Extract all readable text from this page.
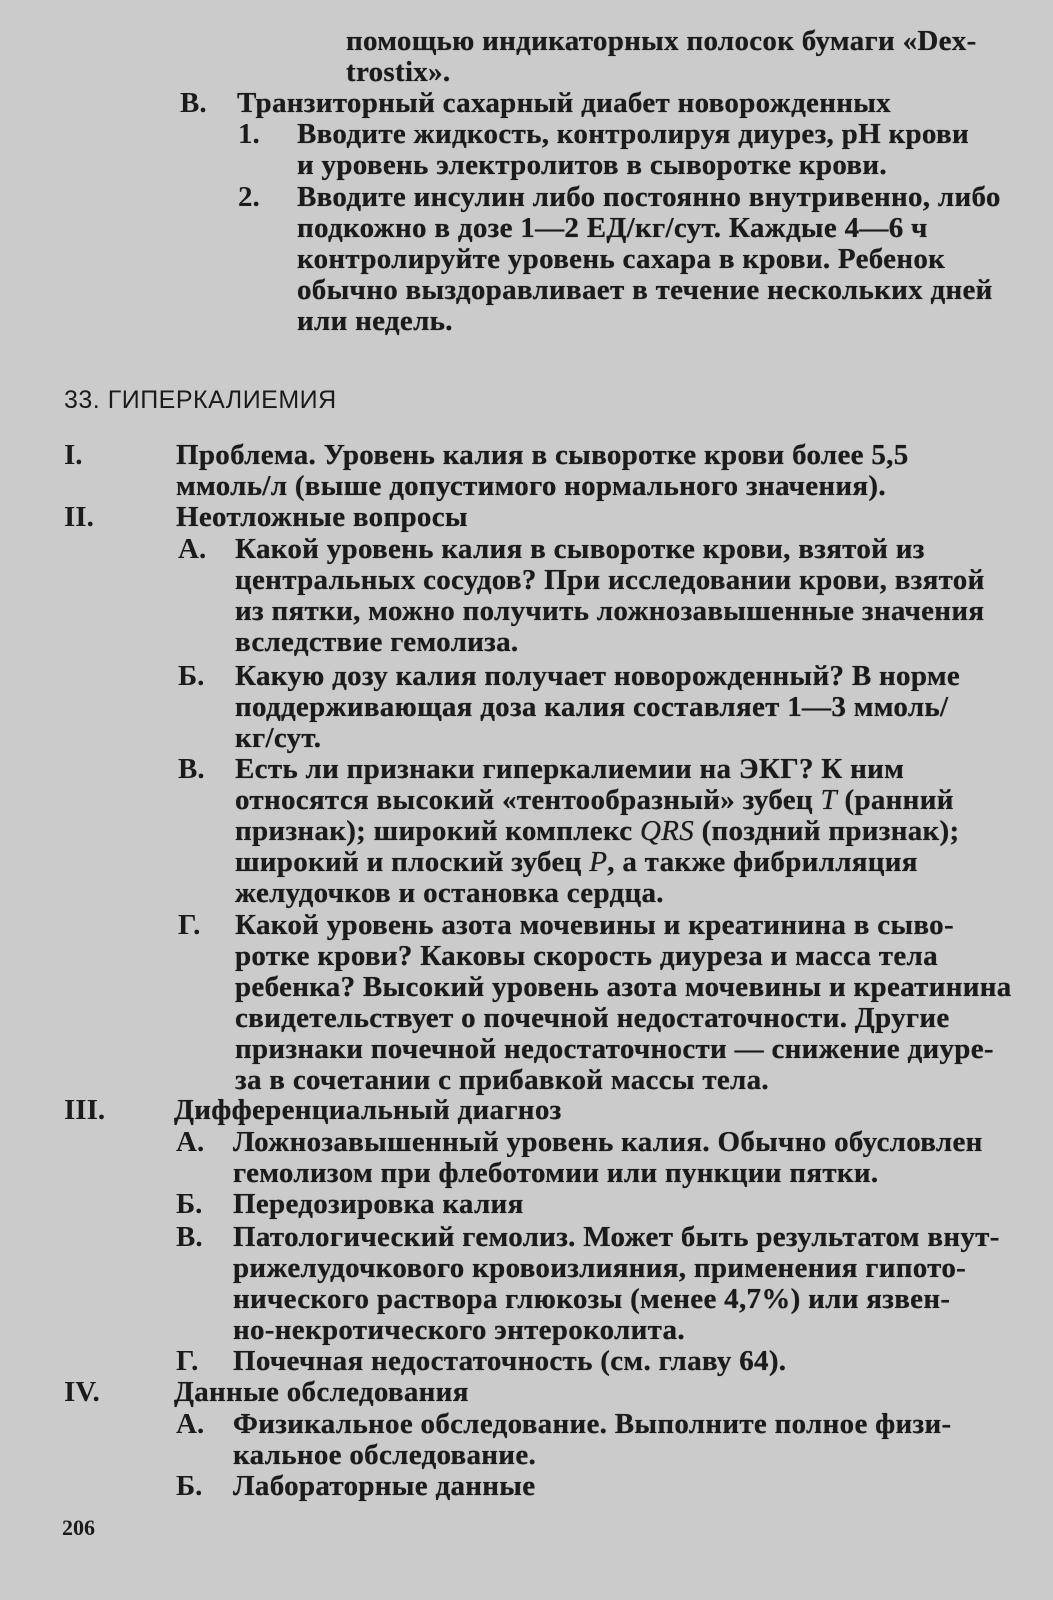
помощью индикаторных полосок бумаги «Dex-
trostix».
В. Транзиторный сахарный диабет новорожденных
1. Вводите жидкость, контролируя диурез, рН крови
и уровень электролитов в сыворотке крови.
2. Вводите инсулин либо постоянно внутривенно, либо
подкожно в дозе 1—2 ЕД/кг/сут. Каждые 4—6 ч
контролируйте уровень сахара в крови. Ребенок
обычно выздоравливает в течение нескольких дней
или недель.
33. ГИПЕРКАЛИЕМИЯ
I.	Проблема. Уровень калия в сыворотке крови более 5,5
ммоль/л (выше допустимого нормального значения).
II.	Неотложные вопросы
А. Какой уровень калия в сыворотке крови, взятой из
центральных сосудов? При исследовании крови, взятой
из пятки, можно получить ложнозавышенные значения
вследствие гемолиза.
Б. Какую дозу калия получает новорожденный? В норме
поддерживающая доза калия составляет 1—3 ммоль/
кг/сут.
В. Есть ли признаки гиперкалиемии на ЭКГ? К ним
относятся высокий «тентообразный» зубец T (ранний
признак); широкий комплекс QRS (поздний признак);
широкий и плоский зубец P, а также фибрилляция
желудочков и остановка сердца.
Г. Какой уровень азота мочевины и креатинина в сыво-
ротке крови? Каковы скорость диуреза и масса тела
ребенка? Высокий уровень азота мочевины и креатинина
свидетельствует о почечной недостаточности. Другие
признаки почечной недостаточности — снижение диуре-
за в сочетании с прибавкой массы тела.
III. Дифференциальный диагноз
А. Ложнозавышенный уровень калия. Обычно обусловлен
гемолизом при флеботомии или пункции пятки.
Б. Передозировка калия
В. Патологический гемолиз. Может быть результатом внут-
рижелудочкового кровоизлияния, применения гипото-
нического раствора глюкозы (менее 4,7%) или язвен-
но-некротического энтероколита.
Г. Почечная недостаточность (см. главу 64).
IV.	Данные обследования
А. Физикальное обследование. Выполните полное физи-
кальное обследование.
Б. Лабораторные данные
206
